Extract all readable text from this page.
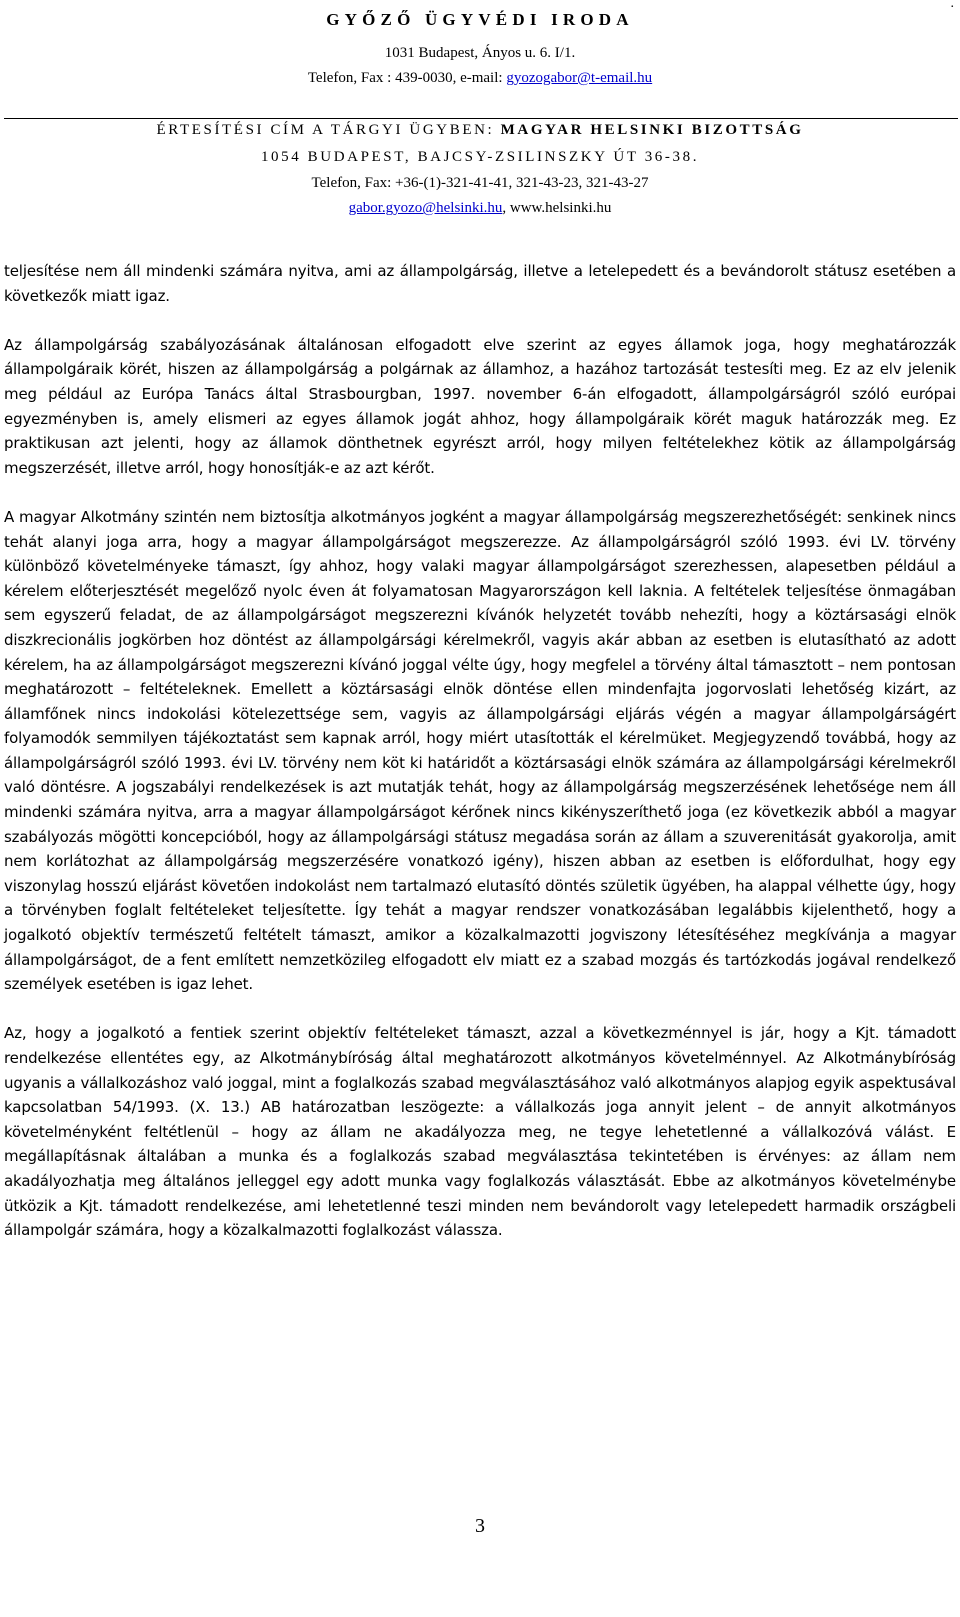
.
GYŐZŐ ÜGYVÉDI IRODA
1031 Budapest, Ányos u. 6. I/1.
Telefon, Fax : 439-0030, e-mail: gyozogabor@t-email.hu
ÉRTESÍTÉSI CÍM A TÁRGYI ÜGYBEN: MAGYAR HELSINKI BIZOTTSÁG
1054 BUDAPEST, BAJCSY-ZSILINSZKY ÚT 36-38.
Telefon, Fax: +36-(1)-321-41-41, 321-43-23, 321-43-27
gabor.gyozo@helsinki.hu, www.helsinki.hu

teljesítése nem áll mindenki számára nyitva, ami az állampolgárság, illetve a letelepedett és a bevándorolt státusz esetében a következők miatt igaz.

Az állampolgárság szabályozásának általánosan elfogadott elve szerint az egyes államok joga, hogy meghatározzák állampolgáraik körét, hiszen az állampolgárság a polgárnak az államhoz, a hazához tartozását testesíti meg. Ez az elv jelenik meg például az Európa Tanács által Strasbourgban, 1997. november 6-án elfogadott, állampolgárságról szóló európai egyezményben is, amely elismeri az egyes államok jogát ahhoz, hogy állampolgáraik körét maguk határozzák meg. Ez praktikusan azt jelenti, hogy az államok dönthetnek egyrészt arról, hogy milyen feltételekhez kötik az állampolgárság megszerzését, illetve arról, hogy honosítják-e az azt kérőt.

A magyar Alkotmány szintén nem biztosítja alkotmányos jogként a magyar állampolgárság megszerezhetőségét: senkinek nincs tehát alanyi joga arra, hogy a magyar állampolgárságot megszerezze. Az állampolgárságról szóló 1993. évi LV. törvény különböző követelményeke támaszt, így ahhoz, hogy valaki magyar állampolgárságot szerezhessen, alapesetben például a kérelem előterjesztését megelőző nyolc éven át folyamatosan Magyarországon kell laknia. A feltételek teljesítése önmagában sem egyszerű feladat, de az állampolgárságot megszerezni kívánók helyzetét tovább nehezíti, hogy a köztársasági elnök diszkrecionális jogkörben hoz döntést az állampolgársági kérelmekről, vagyis akár abban az esetben is elutasítható az adott kérelem, ha az állampolgárságot megszerezni kívánó joggal vélte úgy, hogy megfelel a törvény által támasztott – nem pontosan meghatározott – feltételeknek. Emellett a köztársasági elnök döntése ellen mindenfajta jogorvoslati lehetőség kizárt, az államfőnek nincs indokolási kötelezettsége sem, vagyis az állampolgársági eljárás végén a magyar állampolgárságért folyamodók semmilyen tájékoztatást sem kapnak arról, hogy miért utasították el kérelmüket. Megjegyzendő továbbá, hogy az állampolgárságról szóló 1993. évi LV. törvény nem köt ki határidőt a köztársasági elnök számára az állampolgársági kérelmekről való döntésre. A jogszabályi rendelkezések is azt mutatják tehát, hogy az állampolgárság megszerzésének lehetősége nem áll mindenki számára nyitva, arra a magyar állampolgárságot kérőnek nincs kikényszeríthető joga (ez következik abból a magyar szabályozás mögötti koncepcióból, hogy az állampolgársági státusz megadása során az állam a szuverenitását gyakorolja, amit nem korlátozhat az állampolgárság megszerzésére vonatkozó igény), hiszen abban az esetben is előfordulhat, hogy egy viszonylag hosszú eljárást követően indokolást nem tartalmazó elutasító döntés születik ügyében, ha alappal vélhette úgy, hogy a törvényben foglalt feltételeket teljesítette. Így tehát a magyar rendszer vonatkozásában legalábbis kijelenthető, hogy a jogalkotó objektív természetű feltételt támaszt, amikor a közalkalmazotti jogviszony létesítéséhez megkívánja a magyar állampolgárságot, de a fent említett nemzetközileg elfogadott elv miatt ez a szabad mozgás és tartózkodás jogával rendelkező személyek esetében is igaz lehet.

Az, hogy a jogalkotó a fentiek szerint objektív feltételeket támaszt, azzal a következménnyel is jár, hogy a Kjt. támadott rendelkezése ellentétes egy, az Alkotmánybíróság által meghatározott alkotmányos követelménnyel. Az Alkotmánybíróság ugyanis a vállalkozáshoz való joggal, mint a foglalkozás szabad megválasztásához való alkotmányos alapjog egyik aspektusával kapcsolatban 54/1993. (X. 13.) AB határozatban leszögezte: a vállalkozás joga annyit jelent – de annyit alkotmányos követelményként feltétlenül – hogy az állam ne akadályozza meg, ne tegye lehetetlenné a vállalkozóvá válást. E megállapításnak általában a munka és a foglalkozás szabad megválasztása tekintetében is érvényes: az állam nem akadályozhatja meg általános jelleggel egy adott munka vagy foglalkozás választását. Ebbe az alkotmányos követelménybe ütközik a Kjt. támadott rendelkezése, ami lehetetlenné teszi minden nem bevándorolt vagy letelepedett harmadik országbeli állampolgár számára, hogy a közalkalmazotti foglalkozást válassza.

3
